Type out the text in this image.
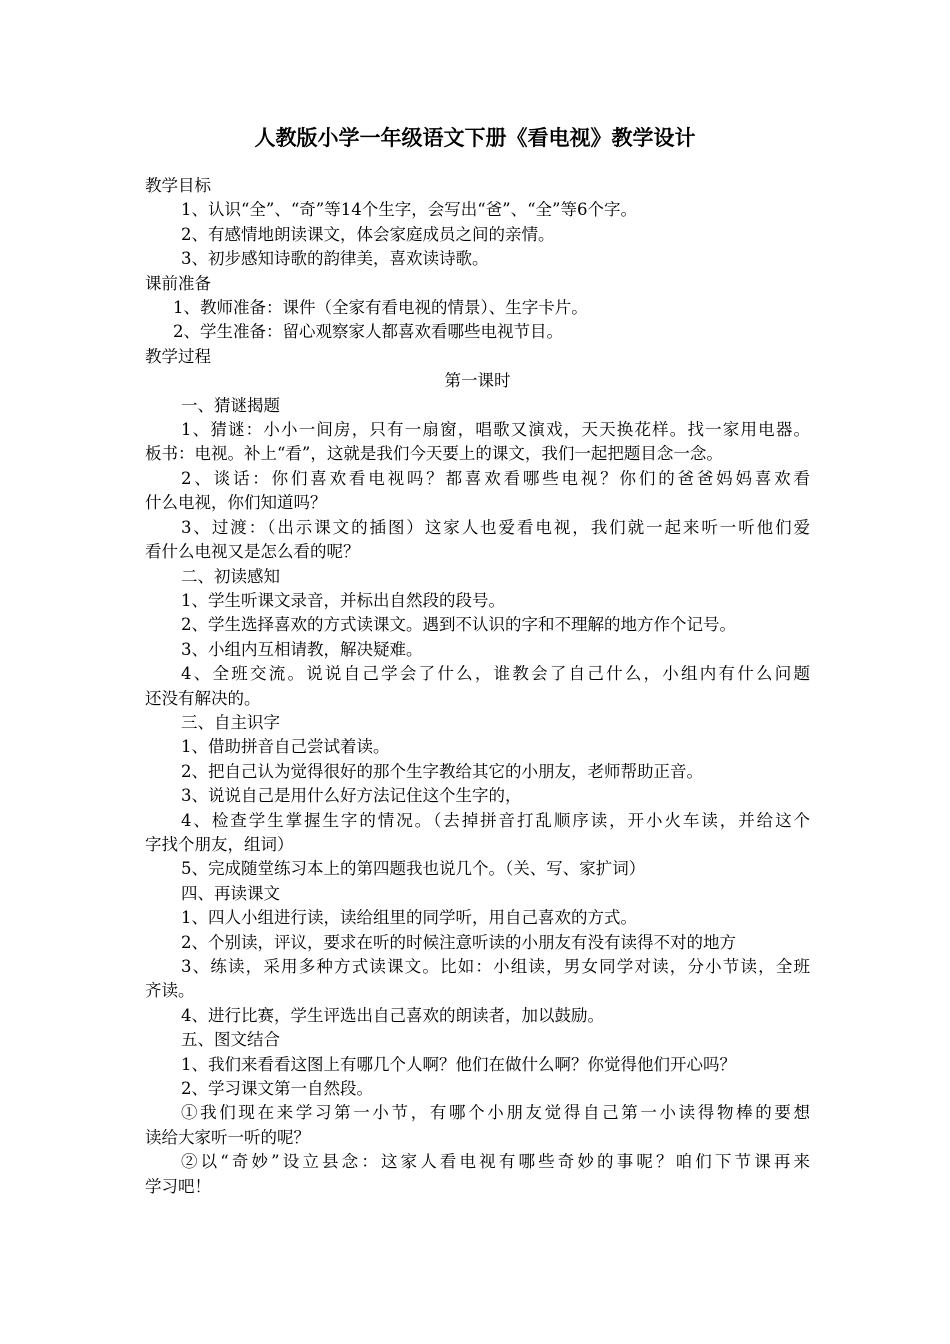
人教版小学一年级语文下册《看电视》教学设计
教学目标
1、认识“全”、“奇”等14个生字，会写出“爸”、“全”等6个字。
2、有感情地朗读课文，体会家庭成员之间的亲情。
3、初步感知诗歌的韵律美，喜欢读诗歌。
课前准备
1、教师准备：课件（全家有看电视的情景）、生字卡片。
2、学生准备：留心观察家人都喜欢看哪些电视节目。
教学过程
第一课时
一、猜谜揭题
1、猜谜：小小一间房，只有一扇窗，唱歌又演戏，天天换花样。找一家用电器。
板书：电视。补上“看”，这就是我们今天要上的课文，我们一起把题目念一念。
2、谈话：你们喜欢看电视吗？都喜欢看哪些电视？你们的爸爸妈妈喜欢看
什么电视，你们知道吗？
3、过渡：（出示课文的插图）这家人也爱看电视，我们就一起来听一听他们爱
看什么电视又是怎么看的呢？
二、初读感知
1、学生听课文录音，并标出自然段的段号。
2、学生选择喜欢的方式读课文。遇到不认识的字和不理解的地方作个记号。
3、小组内互相请教，解决疑难。
4、全班交流。说说自己学会了什么，谁教会了自己什么，小组内有什么问题
还没有解决的。
三、自主识字
1、借助拼音自己尝试着读。
2、把自己认为觉得很好的那个生字教给其它的小朋友，老师帮助正音。
3、说说自己是用什么好方法记住这个生字的，
4、检查学生掌握生字的情况。（去掉拼音打乱顺序读，开小火车读，并给这个
字找个朋友，组词）
5、完成随堂练习本上的第四题我也说几个。（关、写、家扩词）
四、再读课文
1、四人小组进行读，读给组里的同学听，用自己喜欢的方式。
2、个别读，评议，要求在听的时候注意听读的小朋友有没有读得不对的地方
3、练读，采用多种方式读课文。比如：小组读，男女同学对读，分小节读，全班
齐读。
4、进行比赛，学生评选出自己喜欢的朗读者，加以鼓励。
五、图文结合
1、我们来看看这图上有哪几个人啊？他们在做什么啊？你觉得他们开心吗？
2、学习课文第一自然段。
①我们现在来学习第一小节，有哪个小朋友觉得自己第一小读得物棒的要想
读给大家听一听的呢？
②以“奇妙”设立县念：这家人看电视有哪些奇妙的事呢？咱们下节课再来
学习吧！
